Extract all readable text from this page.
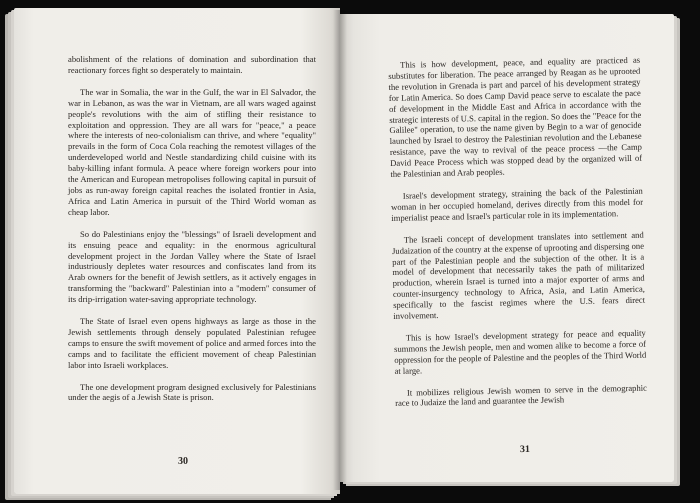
abolishment of the relations of domination and subordination that reactionary forces fight so desperately to maintain.

The war in Somalia, the war in the Gulf, the war in El Salvador, the war in Lebanon, as was the war in Vietnam, are all wars waged against people's revolutions with the aim of stifling their resistance to exploitation and oppression. They are all wars for "peace," a peace where the interests of neo-colonialism can thrive, and where "equality" prevails in the form of Coca Cola reaching the remotest villages of the underdeveloped world and Nestle standardizing child cuisine with its baby-killing infant formula. A peace where foreign workers pour into the American and European metropolises following capital in pursuit of jobs as run-away foreign capital reaches the isolated frontier in Asia, Africa and Latin America in pursuit of the Third World woman as cheap labor.

So do Palestinians enjoy the "blessings" of Israeli development and its ensuing peace and equality: in the enormous agricultural development project in the Jordan Valley where the State of Israel industriously depletes water resources and confiscates land from its Arab owners for the benefit of Jewish settlers, as it actively engages in transforming the "backward" Palestinian into a "modern" consumer of its drip-irrigation water-saving appropriate technology.

The State of Israel even opens highways as large as those in the Jewish settlements through densely populated Palestinian refugee camps to ensure the swift movement of police and armed forces into the camps and to facilitate the efficient movement of cheap Palestinian labor into Israeli workplaces.

The one development program designed exclusively for Palestinians under the aegis of a Jewish State is prison.

30

This is how development, peace, and equality are practiced as substitutes for liberation. The peace arranged by Reagan as he uprooted the revolution in Grenada is part and parcel of his development strategy for Latin America. So does Camp David peace serve to escalate the pace of development in the Middle East and Africa in accordance with the strategic interests of U.S. capital in the region. So does the "Peace for the Galilee" operation, to use the name given by Begin to a war of genocide launched by Israel to destroy the Palestinian revolution and the Lebanese resistance, pave the way to revival of the peace process —the Camp David Peace Process which was stopped dead by the organized will of the Palestinian and Arab peoples.

Israel's development strategy, straining the back of the Palestinian woman in her occupied homeland, derives directly from this model for imperialist peace and Israel's particular role in its implementation.

The Israeli concept of development translates into settlement and Judaization of the country at the expense of uprooting and dispersing one part of the Palestinian people and the subjection of the other. It is a model of development that necessarily takes the path of militarized production, wherein Israel is turned into a major exporter of arms and counter-insurgency technology to Africa, Asia, and Latin America, specifically to the fascist regimes where the U.S. fears direct involvement.

This is how Israel's development strategy for peace and equality summons the Jewish people, men and women alike to become a force of oppression for the people of Palestine and the peoples of the Third World at large.

It mobilizes religious Jewish women to serve in the demographic race to Judaize the land and guarantee the Jewish

31
